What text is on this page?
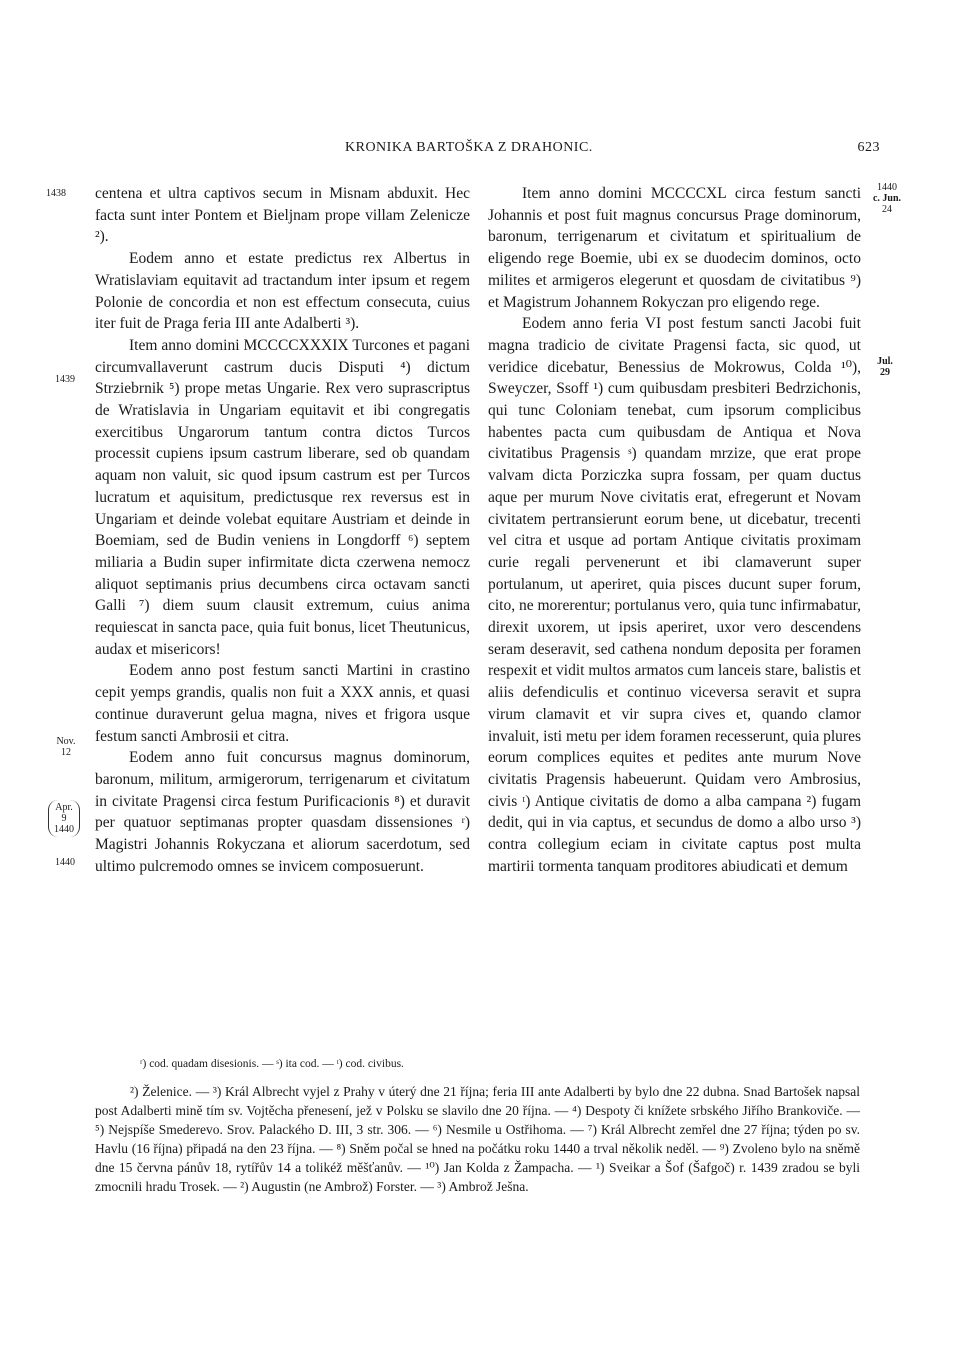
KRONIKA BARTOŠKA Z DRAHONIC.	623
1438
1439
Nov.
12
Apr.
9
1440
1440
1440
c. Jun.
24
Jul.
29

centena et ultra captivos secum in Misnam abduxit. Hec facta sunt inter Pontem et Bieljnam prope villam Zelenicze ²).

Eodem anno et estate predictus rex Albertus in Wratislaviam equitavit ad tractandum inter ipsum et regem Polonie de concordia et non est effectum consecuta, cuius iter fuit de Praga feria III ante Adalberti ³).

Item anno domini MCCCCXXXIX Turcones et pagani circumvallaverunt castrum ducis Disputi ⁴) dictum Strziebrnik ⁵) prope metas Ungarie. Rex vero suprascriptus de Wratislavia in Ungariam equitavit et ibi congregatis exercitibus Ungarorum tantum contra dictos Turcos processit cupiens ipsum castrum liberare, sed ob quandam aquam non valuit, sic quod ipsum castrum est per Turcos lucratum et aquisitum, predictusque rex reversus est in Ungariam et deinde volebat equitare Austriam et deinde in Boemiam, sed de Budin veniens in Longdorff ⁶) septem miliaria a Budin super infirmitate dicta czerwena nemocz aliquot septimanis prius decumbens circa octavam sancti Galli ⁷) diem suum clausit extremum, cuius anima requiescat in sancta pace, quia fuit bonus, licet Theutunicus, audax et misericors!

Eodem anno post festum sancti Martini in crastino cepit yemps grandis, qualis non fuit a XXX annis, et quasi continue duraverunt gelua magna, nives et frigora usque festum sancti Ambrosii et citra.

Eodem anno fuit concursus magnus dominorum, baronum, militum, armigerorum, terrigenarum et civitatum in civitate Pragensi circa festum Purificacionis ⁸) et duravit per quatuor septimanas propter quasdam dissensiones ʳ) Magistri Johannis Rokyczana et aliorum sacerdotum, sed ultimo pulcremodo omnes se invicem composuerunt.

Item anno domini MCCCCXL circa festum sancti Johannis et post fuit magnus concursus Prage dominorum, baronum, terrigenarum et civitatum et spiritualium de eligendo rege Boemie, ubi ex se duodecim dominos, octo milites et armigeros elegerunt et quosdam de civitatibus ⁹) et Magistrum Johannem Rokyczan pro eligendo rege.

Eodem anno feria VI post festum sancti Jacobi fuit magna tradicio de civitate Pragensi facta, sic quod, ut veridice dicebatur, Benessius de Mokrowus, Colda ¹⁰), Sweyczer, Ssoff ¹) cum quibusdam presbiteri Bedrzichonis, qui tunc Coloniam tenebat, cum ipsorum complicibus habentes pacta cum quibusdam de Antiqua et Nova civitatibus Pragensis ˢ) quandam mrzize, que erat prope valvam dicta Porziczka supra fossam, per quam ductus aque per murum Nove civitatis erat, efregerunt et Novam civitatem pertransierunt eorum bene, ut dicebatur, trecenti vel citra et usque ad portam Antique civitatis proximam curie regali pervenerunt et ibi clamaverunt super portulanum, ut aperiret, quia pisces ducunt super forum, cito, ne morerentur; portulanus vero, quia tunc infirmabatur, direxit uxorem, ut ipsis aperiret, uxor vero descendens seram deseravit, sed cathena nondum deposita per foramen respexit et vidit multos armatos cum lanceis stare, balistis et aliis defendiculis et continuo viceversa seravit et supra virum clamavit et vir supra cives et, quando clamor invaluit, isti metu per idem foramen recesserunt, quia plures eorum complices equites et pedites ante murum Nove civitatis Pragensis habeuerunt. Quidam vero Ambrosius, civis ᵗ) Antique civitatis de domo a alba campana ²) fugam dedit, qui in via captus, et secundus de domo a albo urso ³) contra collegium eciam in civitate captus post multa martirii tormenta tanquam proditores abiudicati et demum

ʳ) cod. quadam disesionis. — ˢ) ita cod. — ᵗ) cod. civibus.

²) Želenice. — ³) Král Albrecht vyjel z Prahy v úterý dne 21 října; feria III ante Adalberti by bylo dne 22 dubna. Snad Bartošek napsal post Adalberti mině tím sv. Vojtěcha přenesení, jež v Polsku se slavilo dne 20 října. — ⁴) Despoty či knížete srbského Jiřího Brankoviče. — ⁵) Nejspíše Smederevo. Srov. Palackého D. III, 3 str. 306. — ⁶) Nesmile u Ostřihoma. — ⁷) Král Albrecht zemřel dne 27 října; týden po sv. Havlu (16 října) připadá na den 23 října. — ⁸) Sněm počal se hned na počátku roku 1440 a trval několik neděl. — ⁹) Zvoleno bylo na sněmě dne 15 června pánův 18, rytířův 14 a tolikéž měšťanův. — ¹⁰) Jan Kolda z Žampacha. — ¹) Sveikar a Šof (Šafgoč) r. 1439 zradou se byli zmocnili hradu Trosek. — ²) Augustin (ne Ambrož) Forster. — ³) Ambrož Ješna.
